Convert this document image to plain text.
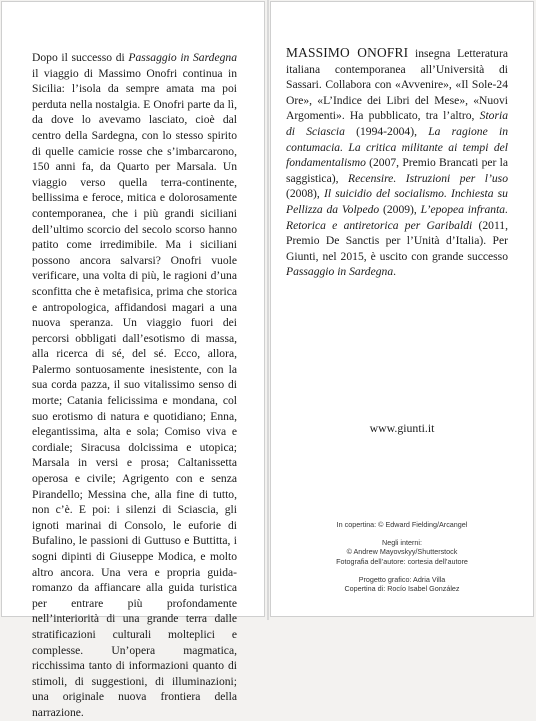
Dopo il successo di Passaggio in Sardegna il viaggio di Massimo Onofri continua in Sicilia: l’isola da sempre amata ma poi perduta nella nostalgia. E Onofri parte da lì, da dove lo avevamo lasciato, cioè dal centro della Sardegna, con lo stesso spirito di quelle camicie rosse che s’imbarcarono, 150 anni fa, da Quarto per Marsala. Un viaggio verso quella terra-continente, bellissima e feroce, mitica e dolorosamente contemporanea, che i più grandi siciliani dell’ultimo scorcio del secolo scorso hanno patito come irredimibile. Ma i siciliani possono ancora salvarsi? Onofri vuole verificare, una volta di più, le ragioni d’una sconfitta che è metafisica, prima che storica e antropologica, affidandosi magari a una nuova speranza. Un viaggio fuori dei percorsi obbligati dall’esotismo di massa, alla ricerca di sé, del sé. Ecco, allora, Palermo sontuosamente inesistente, con la sua corda pazza, il suo vitalissimo senso di morte; Catania felicissima e mondana, col suo erotismo di natura e quotidiano; Enna, elegantissima, alta e sola; Comiso viva e cordiale; Siracusa dolcissima e utopica; Marsala in versi e prosa; Caltanissetta operosa e civile; Agrigento con e senza Pirandello; Messina che, alla fine di tutto, non c’è. E poi: i silenzi di Sciascia, gli ignoti marinai di Consolo, le euforie di Bufalino, le passioni di Guttuso e Buttitta, i sogni dipinti di Giuseppe Modica, e molto altro ancora. Una vera e propria guida-romanzo da affiancare alla guida turistica per entrare più profondamente nell’interiorità di una grande terra dalle stratificazioni culturali molteplici e complesse. Un’opera magmatica, ricchissima tanto di informazioni quanto di stimoli, di suggestioni, di illuminazioni; una originale nuova frontiera della narrazione.

MASSIMO ONOFRI insegna Letteratura italiana contemporanea all’Università di Sassari. Collabora con «Avvenire», «Il Sole-24 Ore», «L’Indice dei Libri del Mese», «Nuovi Argomenti». Ha pubblicato, tra l’altro, Storia di Sciascia (1994-2004), La ragione in contumacia. La critica militante ai tempi del fondamentalismo (2007, Premio Brancati per la saggistica), Recensire. Istruzioni per l’uso (2008), Il suicidio del socialismo. Inchiesta su Pellizza da Volpedo (2009), L’epopea infranta. Retorica e antiretorica per Garibaldi (2011, Premio De Sanctis per l’Unità d’Italia). Per Giunti, nel 2015, è uscito con grande successo Passaggio in Sardegna.

www.giunti.it
In copertina: © Edward Fielding/Arcangel
Negli interni:
© Andrew Mayovskyy/Shutterstock
Fotografia dell’autore: cortesia dell’autore
Progetto grafico: Adria Villa
Copertina di: Rocío Isabel González
